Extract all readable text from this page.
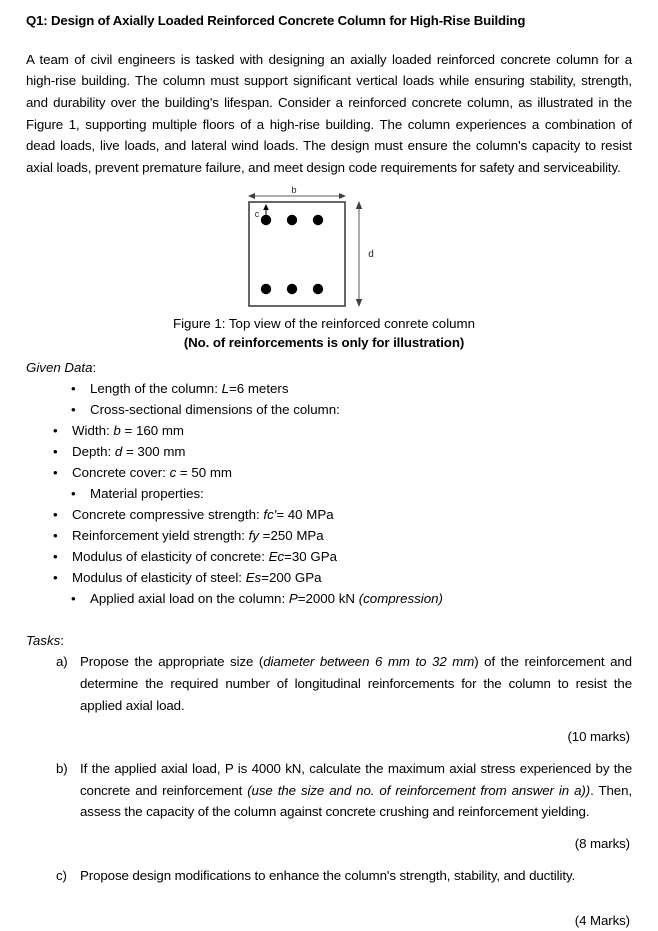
Q1: Design of Axially Loaded Reinforced Concrete Column for High-Rise Building
A team of civil engineers is tasked with designing an axially loaded reinforced concrete column for a high-rise building. The column must support significant vertical loads while ensuring stability, strength, and durability over the building's lifespan. Consider a reinforced concrete column, as illustrated in the Figure 1, supporting multiple floors of a high-rise building. The column experiences a combination of dead loads, live loads, and lateral wind loads. The design must ensure the column's capacity to resist axial loads, prevent premature failure, and meet design code requirements for safety and serviceability.
b
c
d
Figure 1: Top view of the reinforced conrete column
(No. of reinforcements is only for illustration)
Given Data:
• Length of the column: L=6 meters
• Cross-sectional dimensions of the column:
• Width: b = 160 mm
• Depth: d = 300 mm
• Concrete cover: c = 50 mm
• Material properties:
• Concrete compressive strength: fc'= 40 MPa
• Reinforcement yield strength: fy =250 MPa
• Modulus of elasticity of concrete: Ec=30 GPa
• Modulus of elasticity of steel: Es=200 GPa
• Applied axial load on the column: P=2000 kN (compression)
Tasks:
a) Propose the appropriate size (diameter between 6 mm to 32 mm) of the reinforcement and determine the required number of longitudinal reinforcements for the column to resist the applied axial load.
(10 marks)
b) If the applied axial load, P is 4000 kN, calculate the maximum axial stress experienced by the concrete and reinforcement (use the size and no. of reinforcement from answer in a)). Then, assess the capacity of the column against concrete crushing and reinforcement yielding.
(8 marks)
c) Propose design modifications to enhance the column's strength, stability, and ductility.
(4 Marks)
